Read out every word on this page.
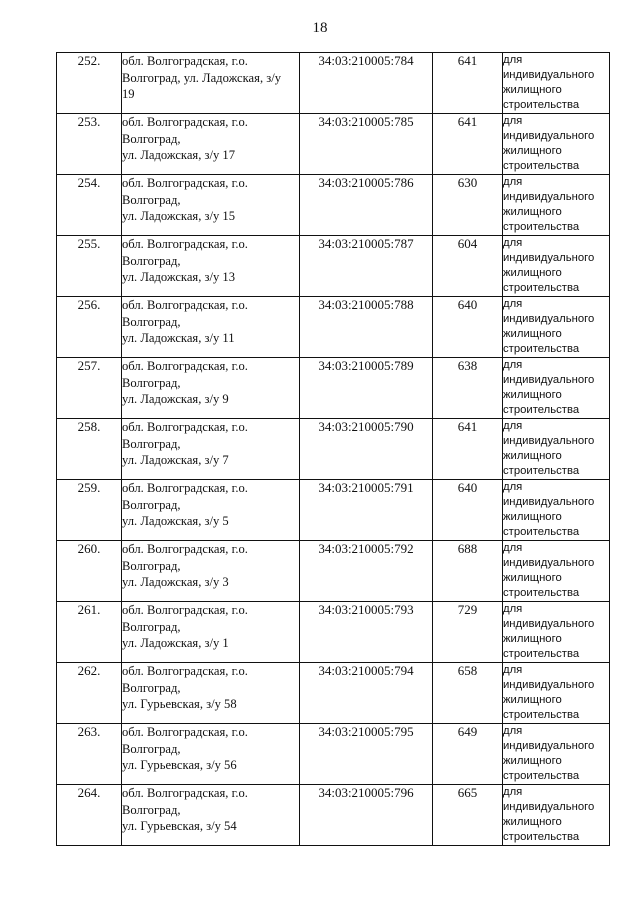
18
252.	обл. Волгоградская, г.о.
Волгоград, ул. Ладожская, з/у
19	34:03:210005:784	641	для
индивидуального
жилищного
строительства

253.	обл. Волгоградская, г.о.
Волгоград,
ул. Ладожская, з/у 17	34:03:210005:785	641	для
индивидуального
жилищного
строительства

254.	обл. Волгоградская, г.о.
Волгоград,
ул. Ладожская, з/у 15	34:03:210005:786	630	для
индивидуального
жилищного
строительства

255.	обл. Волгоградская, г.о.
Волгоград,
ул. Ладожская, з/у 13	34:03:210005:787	604	для
индивидуального
жилищного
строительства

256.	обл. Волгоградская, г.о.
Волгоград,
ул. Ладожская, з/у 11	34:03:210005:788	640	для
индивидуального
жилищного
строительства

257.	обл. Волгоградская, г.о.
Волгоград,
ул. Ладожская, з/у 9	34:03:210005:789	638	для
индивидуального
жилищного
строительства

258.	обл. Волгоградская, г.о.
Волгоград,
ул. Ладожская, з/у 7	34:03:210005:790	641	для
индивидуального
жилищного
строительства

259.	обл. Волгоградская, г.о.
Волгоград,
ул. Ладожская, з/у 5	34:03:210005:791	640	для
индивидуального
жилищного
строительства

260.	обл. Волгоградская, г.о.
Волгоград,
ул. Ладожская, з/у 3	34:03:210005:792	688	для
индивидуального
жилищного
строительства

261.	обл. Волгоградская, г.о.
Волгоград,
ул. Ладожская, з/у 1	34:03:210005:793	729	для
индивидуального
жилищного
строительства

262.	обл. Волгоградская, г.о.
Волгоград,
ул. Гурьевская, з/у 58	34:03:210005:794	658	для
индивидуального
жилищного
строительства

263.	обл. Волгоградская, г.о.
Волгоград,
ул. Гурьевская, з/у 56	34:03:210005:795	649	для
индивидуального
жилищного
строительства

264.	обл. Волгоградская, г.о.
Волгоград,
ул. Гурьевская, з/у 54	34:03:210005:796	665	для
индивидуального
жилищного
строительства
